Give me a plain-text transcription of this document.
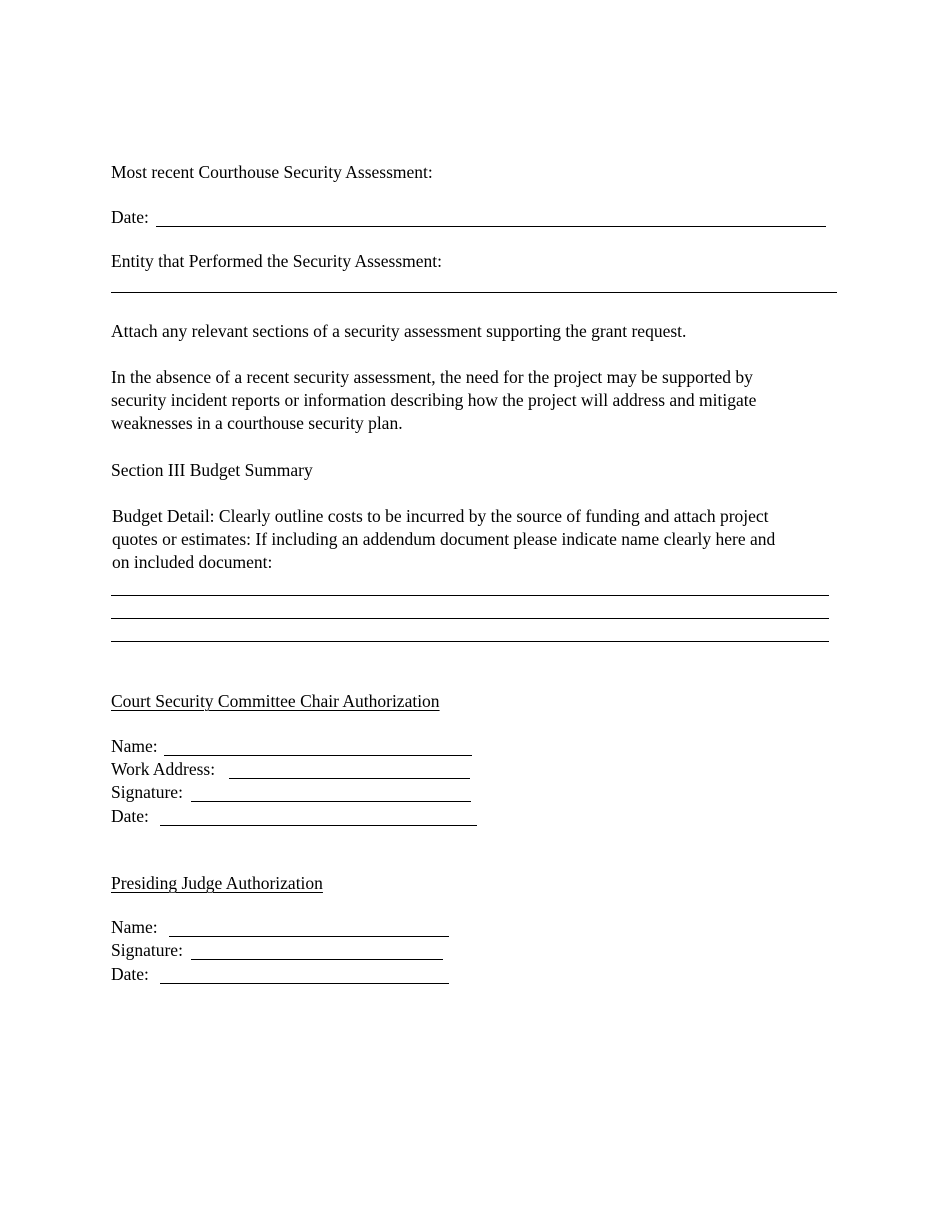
Most recent Courthouse Security Assessment:
Date:
Entity that Performed the Security Assessment:
Attach any relevant sections of a security assessment supporting the grant request.
In the absence of a recent security assessment, the need for the project may be supported by
security incident reports or information describing how the project will address and mitigate
weaknesses in a courthouse security plan.
Section III Budget Summary
Budget Detail: Clearly outline costs to be incurred by the source of funding and attach project
quotes or estimates: If including an addendum document please indicate name clearly here and
on included document:
Court Security Committee Chair Authorization
Name:
Work Address:
Signature:
Date:
Presiding Judge Authorization
Name:
Signature:
Date:
